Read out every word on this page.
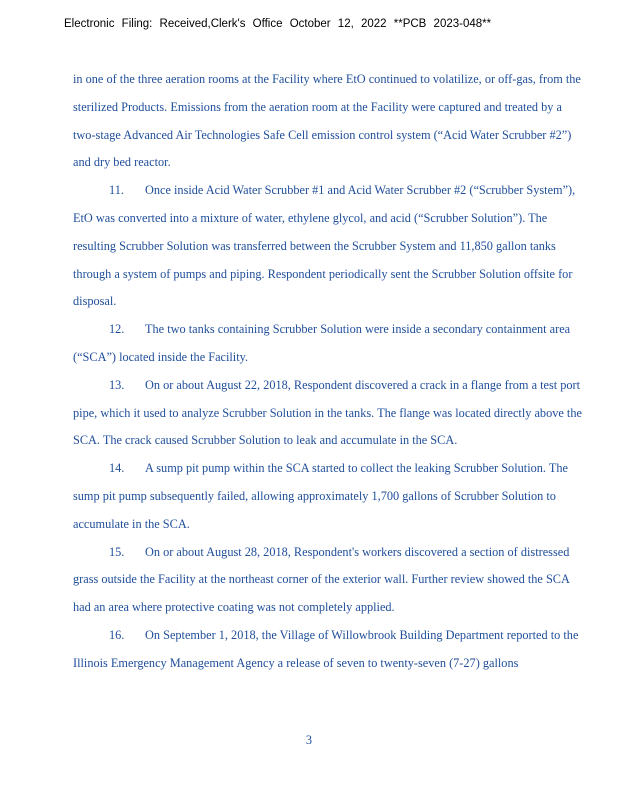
Electronic Filing: Received,Clerk's Office October 12, 2022 **PCB 2023-048**

in one of the three aeration rooms at the Facility where EtO continued to volatilize, or off-gas, from the sterilized Products. Emissions from the aeration room at the Facility were captured and treated by a two-stage Advanced Air Technologies Safe Cell emission control system (“Acid Water Scrubber #2”) and dry bed reactor.

11. Once inside Acid Water Scrubber #1 and Acid Water Scrubber #2 (“Scrubber System”), EtO was converted into a mixture of water, ethylene glycol, and acid (“Scrubber Solution”). The resulting Scrubber Solution was transferred between the Scrubber System and 11,850 gallon tanks through a system of pumps and piping. Respondent periodically sent the Scrubber Solution offsite for disposal.

12. The two tanks containing Scrubber Solution were inside a secondary containment area (“SCA”) located inside the Facility.

13. On or about August 22, 2018, Respondent discovered a crack in a flange from a test port pipe, which it used to analyze Scrubber Solution in the tanks. The flange was located directly above the SCA. The crack caused Scrubber Solution to leak and accumulate in the SCA.

14. A sump pit pump within the SCA started to collect the leaking Scrubber Solution. The sump pit pump subsequently failed, allowing approximately 1,700 gallons of Scrubber Solution to accumulate in the SCA.

15. On or about August 28, 2018, Respondent's workers discovered a section of distressed grass outside the Facility at the northeast corner of the exterior wall. Further review showed the SCA had an area where protective coating was not completely applied.

16. On September 1, 2018, the Village of Willowbrook Building Department reported to the Illinois Emergency Management Agency a release of seven to twenty-seven (7-27) gallons

3
